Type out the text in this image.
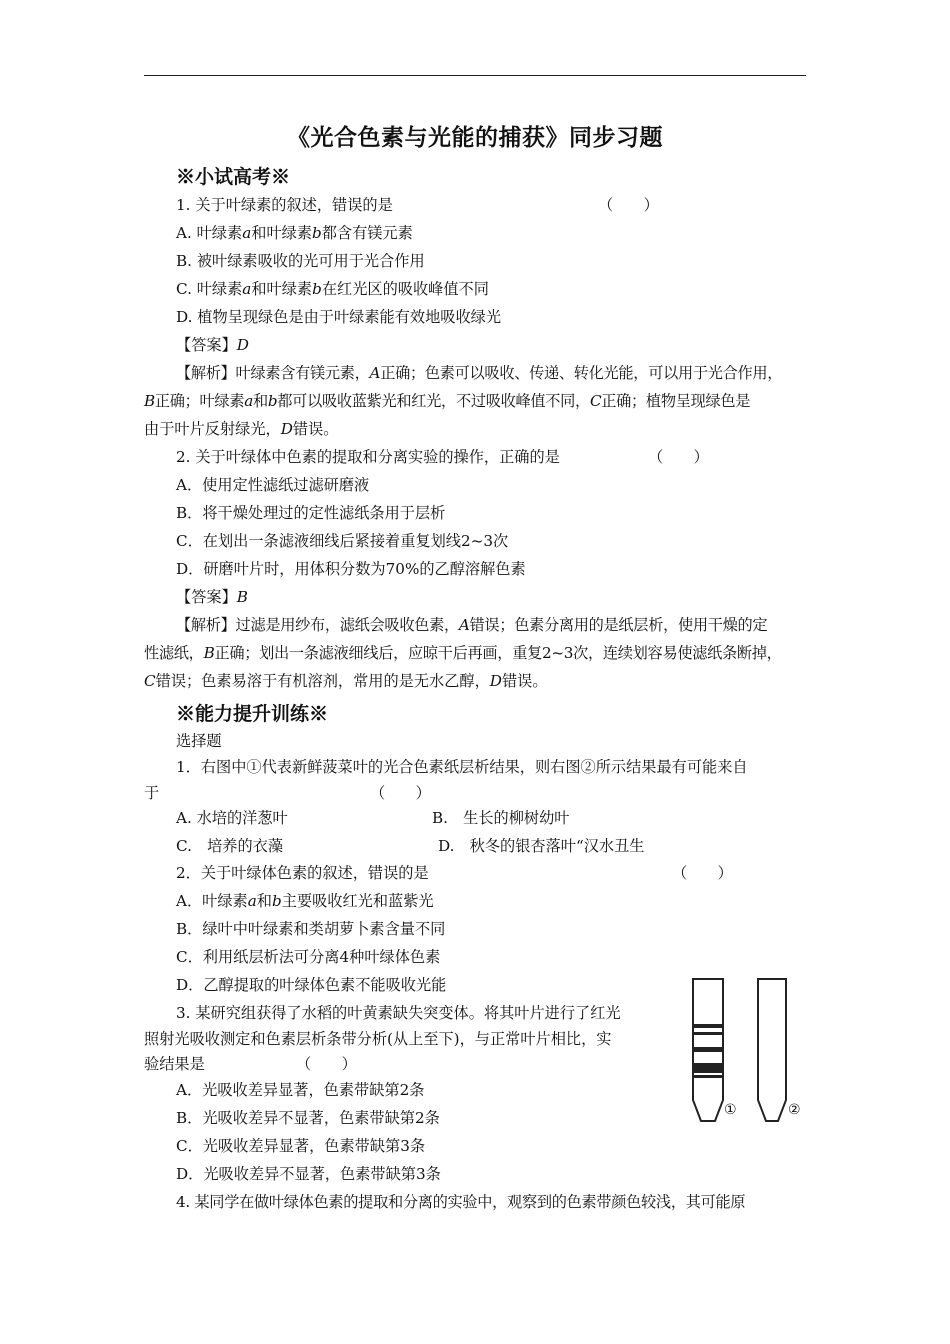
《光合色素与光能的捕获》同步习题
※小试高考※
1. 关于叶绿素的叙述，错误的是	（　　）
A. 叶绿素a和叶绿素b都含有镁元素
B. 被叶绿素吸收的光可用于光合作用
C. 叶绿素a和叶绿素b在红光区的吸收峰值不同
D. 植物呈现绿色是由于叶绿素能有效地吸收绿光
【答案】D
【解析】叶绿素含有镁元素，A正确；色素可以吸收、传递、转化光能，可以用于光合作用，
B正确；叶绿素a和b都可以吸收蓝紫光和红光，不过吸收峰值不同，C正确；植物呈现绿色是
由于叶片反射绿光，D错误。
2. 关于叶绿体中色素的提取和分离实验的操作，正确的是	（　　）
A．使用定性滤纸过滤研磨液
B．将干燥处理过的定性滤纸条用于层析
C．在划出一条滤液细线后紧接着重复划线2~3次
D．研磨叶片时，用体积分数为70%的乙醇溶解色素
【答案】B
【解析】过滤是用纱布，滤纸会吸收色素，A错误；色素分离用的是纸层析，使用干燥的定
性滤纸，B正确；划出一条滤液细线后，应晾干后再画，重复2~3次，连续划容易使滤纸条断掉，
C错误；色素易溶于有机溶剂，常用的是无水乙醇，D错误。
※能力提升训练※
选择题
1．右图中①代表新鲜菠菜叶的光合色素纸层析结果，则右图②所示结果最有可能来自
于	（　　）
A. 水培的洋葱叶	B.　生长的柳树幼叶
C.　培养的衣藻	D.　秋冬的银杏落叶“汉水丑生
2．关于叶绿体色素的叙述，错误的是	（　　）
A．叶绿素a和b主要吸收红光和蓝紫光
B．绿叶中叶绿素和类胡萝卜素含量不同
C．利用纸层析法可分离4种叶绿体色素
D．乙醇提取的叶绿体色素不能吸收光能
3. 某研究组获得了水稻的叶黄素缺失突变体。将其叶片进行了红光
照射光吸收测定和色素层析条带分析(从上至下)，与正常叶片相比，实
验结果是	（　　）
A．光吸收差异显著，色素带缺第2条
B．光吸收差异不显著，色素带缺第2条
C．光吸收差异显著，色素带缺第3条
D．光吸收差异不显著，色素带缺第3条
4. 某同学在做叶绿体色素的提取和分离的实验中，观察到的色素带颜色较浅，其可能原
①	②
